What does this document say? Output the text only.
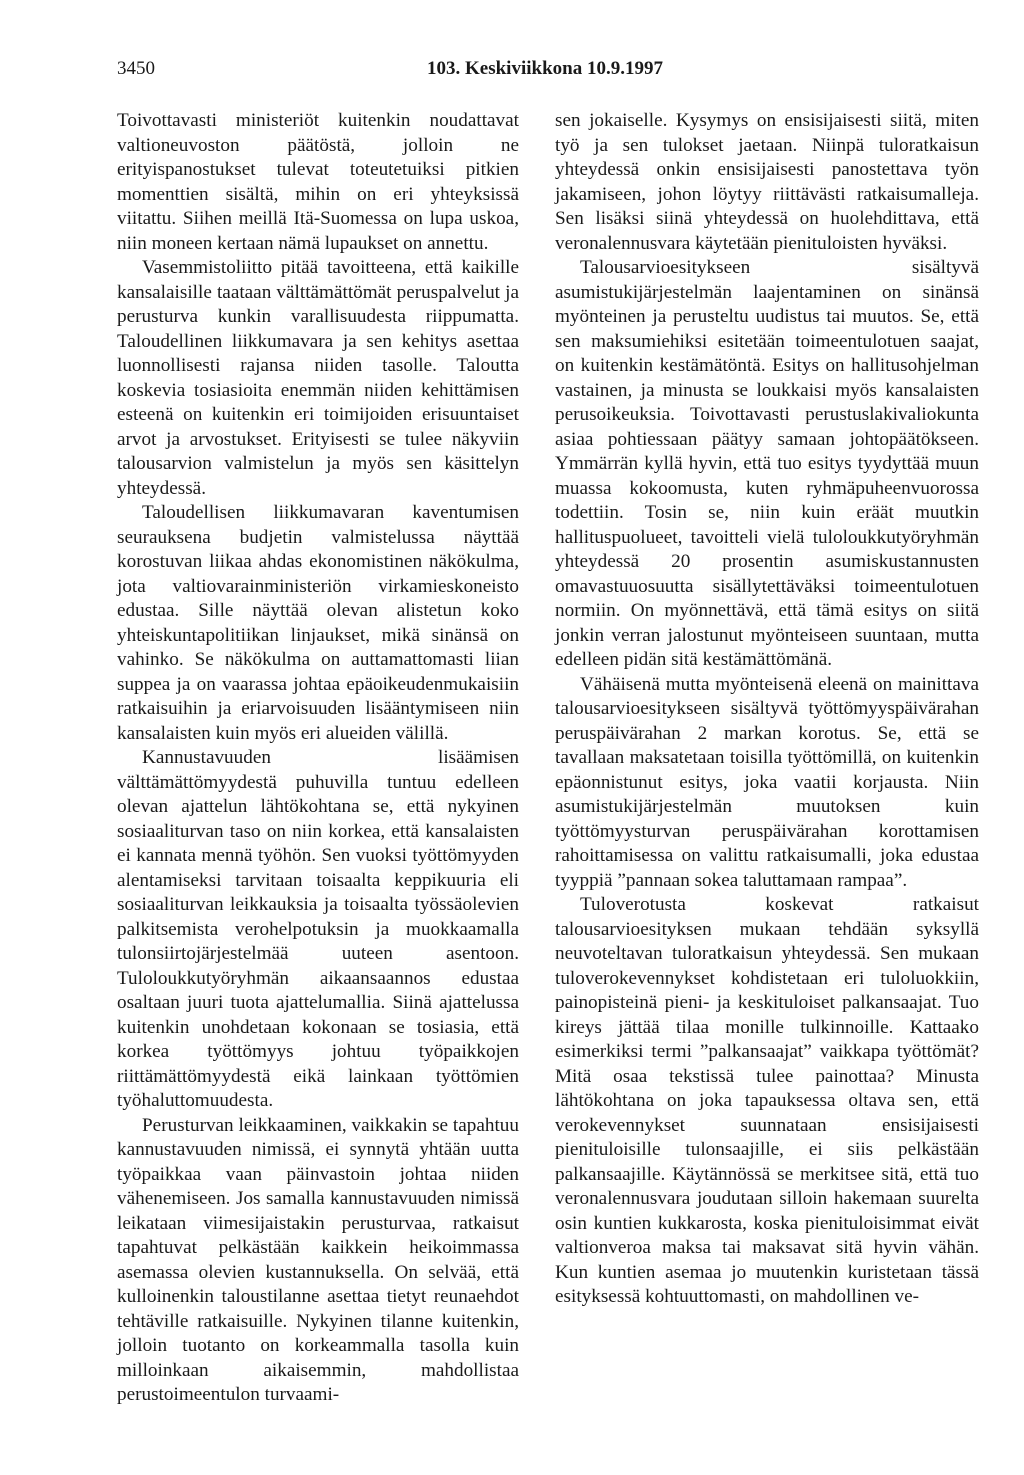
3450	103. Keskiviikkona 10.9.1997

Toivottavasti ministeriöt kuitenkin noudattavat valtioneuvoston päätöstä, jolloin ne erityispanostukset tulevat toteutetuiksi pitkien momenttien sisältä, mihin on eri yhteyksissä viitattu. Siihen meillä Itä-Suomessa on lupa uskoa, niin moneen kertaan nämä lupaukset on annettu.

Vasemmistoliitto pitää tavoitteena, että kaikille kansalaisille taataan välttämättömät peruspalvelut ja perusturva kunkin varallisuudesta riippumatta. Taloudellinen liikkumavara ja sen kehitys asettaa luonnollisesti rajansa niiden tasolle. Taloutta koskevia tosiasioita enemmän niiden kehittämisen esteenä on kuitenkin eri toimijoiden erisuuntaiset arvot ja arvostukset. Erityisesti se tulee näkyviin talousarvion valmistelun ja myös sen käsittelyn yhteydessä.

Taloudellisen liikkumavaran kaventumisen seurauksena budjetin valmistelussa näyttää korostuvan liikaa ahdas ekonomistinen näkökulma, jota valtiovarainministeriön virkamieskoneisto edustaa. Sille näyttää olevan alistetun koko yhteiskuntapolitiikan linjaukset, mikä sinänsä on vahinko. Se näkökulma on auttamattomasti liian suppea ja on vaarassa johtaa epäoikeudenmukaisiin ratkaisuihin ja eriarvoisuuden lisääntymiseen niin kansalaisten kuin myös eri alueiden välillä.

Kannustavuuden lisäämisen välttämättömyydestä puhuvilla tuntuu edelleen olevan ajattelun lähtökohtana se, että nykyinen sosiaaliturvan taso on niin korkea, että kansalaisten ei kannata mennä työhön. Sen vuoksi työttömyyden alentamiseksi tarvitaan toisaalta keppikuuria eli sosiaaliturvan leikkauksia ja toisaalta työssäolevien palkitsemista verohelpotuksin ja muokkaamalla tulonsiirtojärjestelmää uuteen asentoon. Tuloloukkutyöryhmän aikaansaannos edustaa osaltaan juuri tuota ajattelumallia. Siinä ajattelussa kuitenkin unohdetaan kokonaan se tosiasia, että korkea työttömyys johtuu työpaikkojen riittämättömyydestä eikä lainkaan työttömien työhaluttomuudesta.

Perusturvan leikkaaminen, vaikkakin se tapahtuu kannustavuuden nimissä, ei synnytä yhtään uutta työpaikkaa vaan päinvastoin johtaa niiden vähenemiseen. Jos samalla kannustavuuden nimissä leikataan viimesijaistakin perusturvaa, ratkaisut tapahtuvat pelkästään kaikkein heikoimmassa asemassa olevien kustannuksella. On selvää, että kulloinenkin taloustilanne asettaa tietyt reunaehdot tehtäville ratkaisuille. Nykyinen tilanne kuitenkin, jolloin tuotanto on korkeammalla tasolla kuin milloinkaan aikaisemmin, mahdollistaa perustoimeentulon turvaami-

sen jokaiselle. Kysymys on ensisijaisesti siitä, miten työ ja sen tulokset jaetaan. Niinpä tuloratkaisun yhteydessä onkin ensisijaisesti panostettava työn jakamiseen, johon löytyy riittävästi ratkaisumalleja. Sen lisäksi siinä yhteydessä on huolehdittava, että veronalennusvara käytetään pienituloisten hyväksi.

Talousarvioesitykseen sisältyvä asumistukijärjestelmän laajentaminen on sinänsä myönteinen ja perusteltu uudistus tai muutos. Se, että sen maksumiehiksi esitetään toimeentulotuen saajat, on kuitenkin kestämätöntä. Esitys on hallitusohjelman vastainen, ja minusta se loukkaisi myös kansalaisten perusoikeuksia. Toivottavasti perustuslakivaliokunta asiaa pohtiessaan päätyy samaan johtopäätökseen. Ymmärrän kyllä hyvin, että tuo esitys tyydyttää muun muassa kokoomusta, kuten ryhmäpuheenvuorossa todettiin. Tosin se, niin kuin eräät muutkin hallituspuolueet, tavoitteli vielä tuloloukkutyöryhmän yhteydessä 20 prosentin asumiskustannusten omavastuuosuutta sisällytettäväksi toimeentulotuen normiin. On myönnettävä, että tämä esitys on siitä jonkin verran jalostunut myönteiseen suuntaan, mutta edelleen pidän sitä kestämättömänä.

Vähäisenä mutta myönteisenä eleenä on mainittava talousarvioesitykseen sisältyvä työttömyyspäivärahan peruspäivärahan 2 markan korotus. Se, että se tavallaan maksatetaan toisilla työttömillä, on kuitenkin epäonnistunut esitys, joka vaatii korjausta. Niin asumistukijärjestelmän muutoksen kuin työttömyysturvan peruspäivärahan korottamisen rahoittamisessa on valittu ratkaisumalli, joka edustaa tyyppiä ”pannaan sokea taluttamaan rampaa”.

Tuloverotusta koskevat ratkaisut talousarvioesityksen mukaan tehdään syksyllä neuvoteltavan tuloratkaisun yhteydessä. Sen mukaan tuloverokevennykset kohdistetaan eri tuloluokkiin, painopisteinä pieni- ja keskituloiset palkansaajat. Tuo kireys jättää tilaa monille tulkinnoille. Kattaako esimerkiksi termi ”palkansaajat” vaikkapa työttömät? Mitä osaa tekstissä tulee painottaa? Minusta lähtökohtana on joka tapauksessa oltava sen, että verokevennykset suunnataan ensisijaisesti pienituloisille tulonsaajille, ei siis pelkästään palkansaajille. Käytännössä se merkitsee sitä, että tuo veronalennusvara joudutaan silloin hakemaan suurelta osin kuntien kukkarosta, koska pienituloisimmat eivät valtionveroa maksa tai maksavat sitä hyvin vähän. Kun kuntien asemaa jo muutenkin kuristetaan tässä esityksessä kohtuuttomasti, on mahdollinen ve-
